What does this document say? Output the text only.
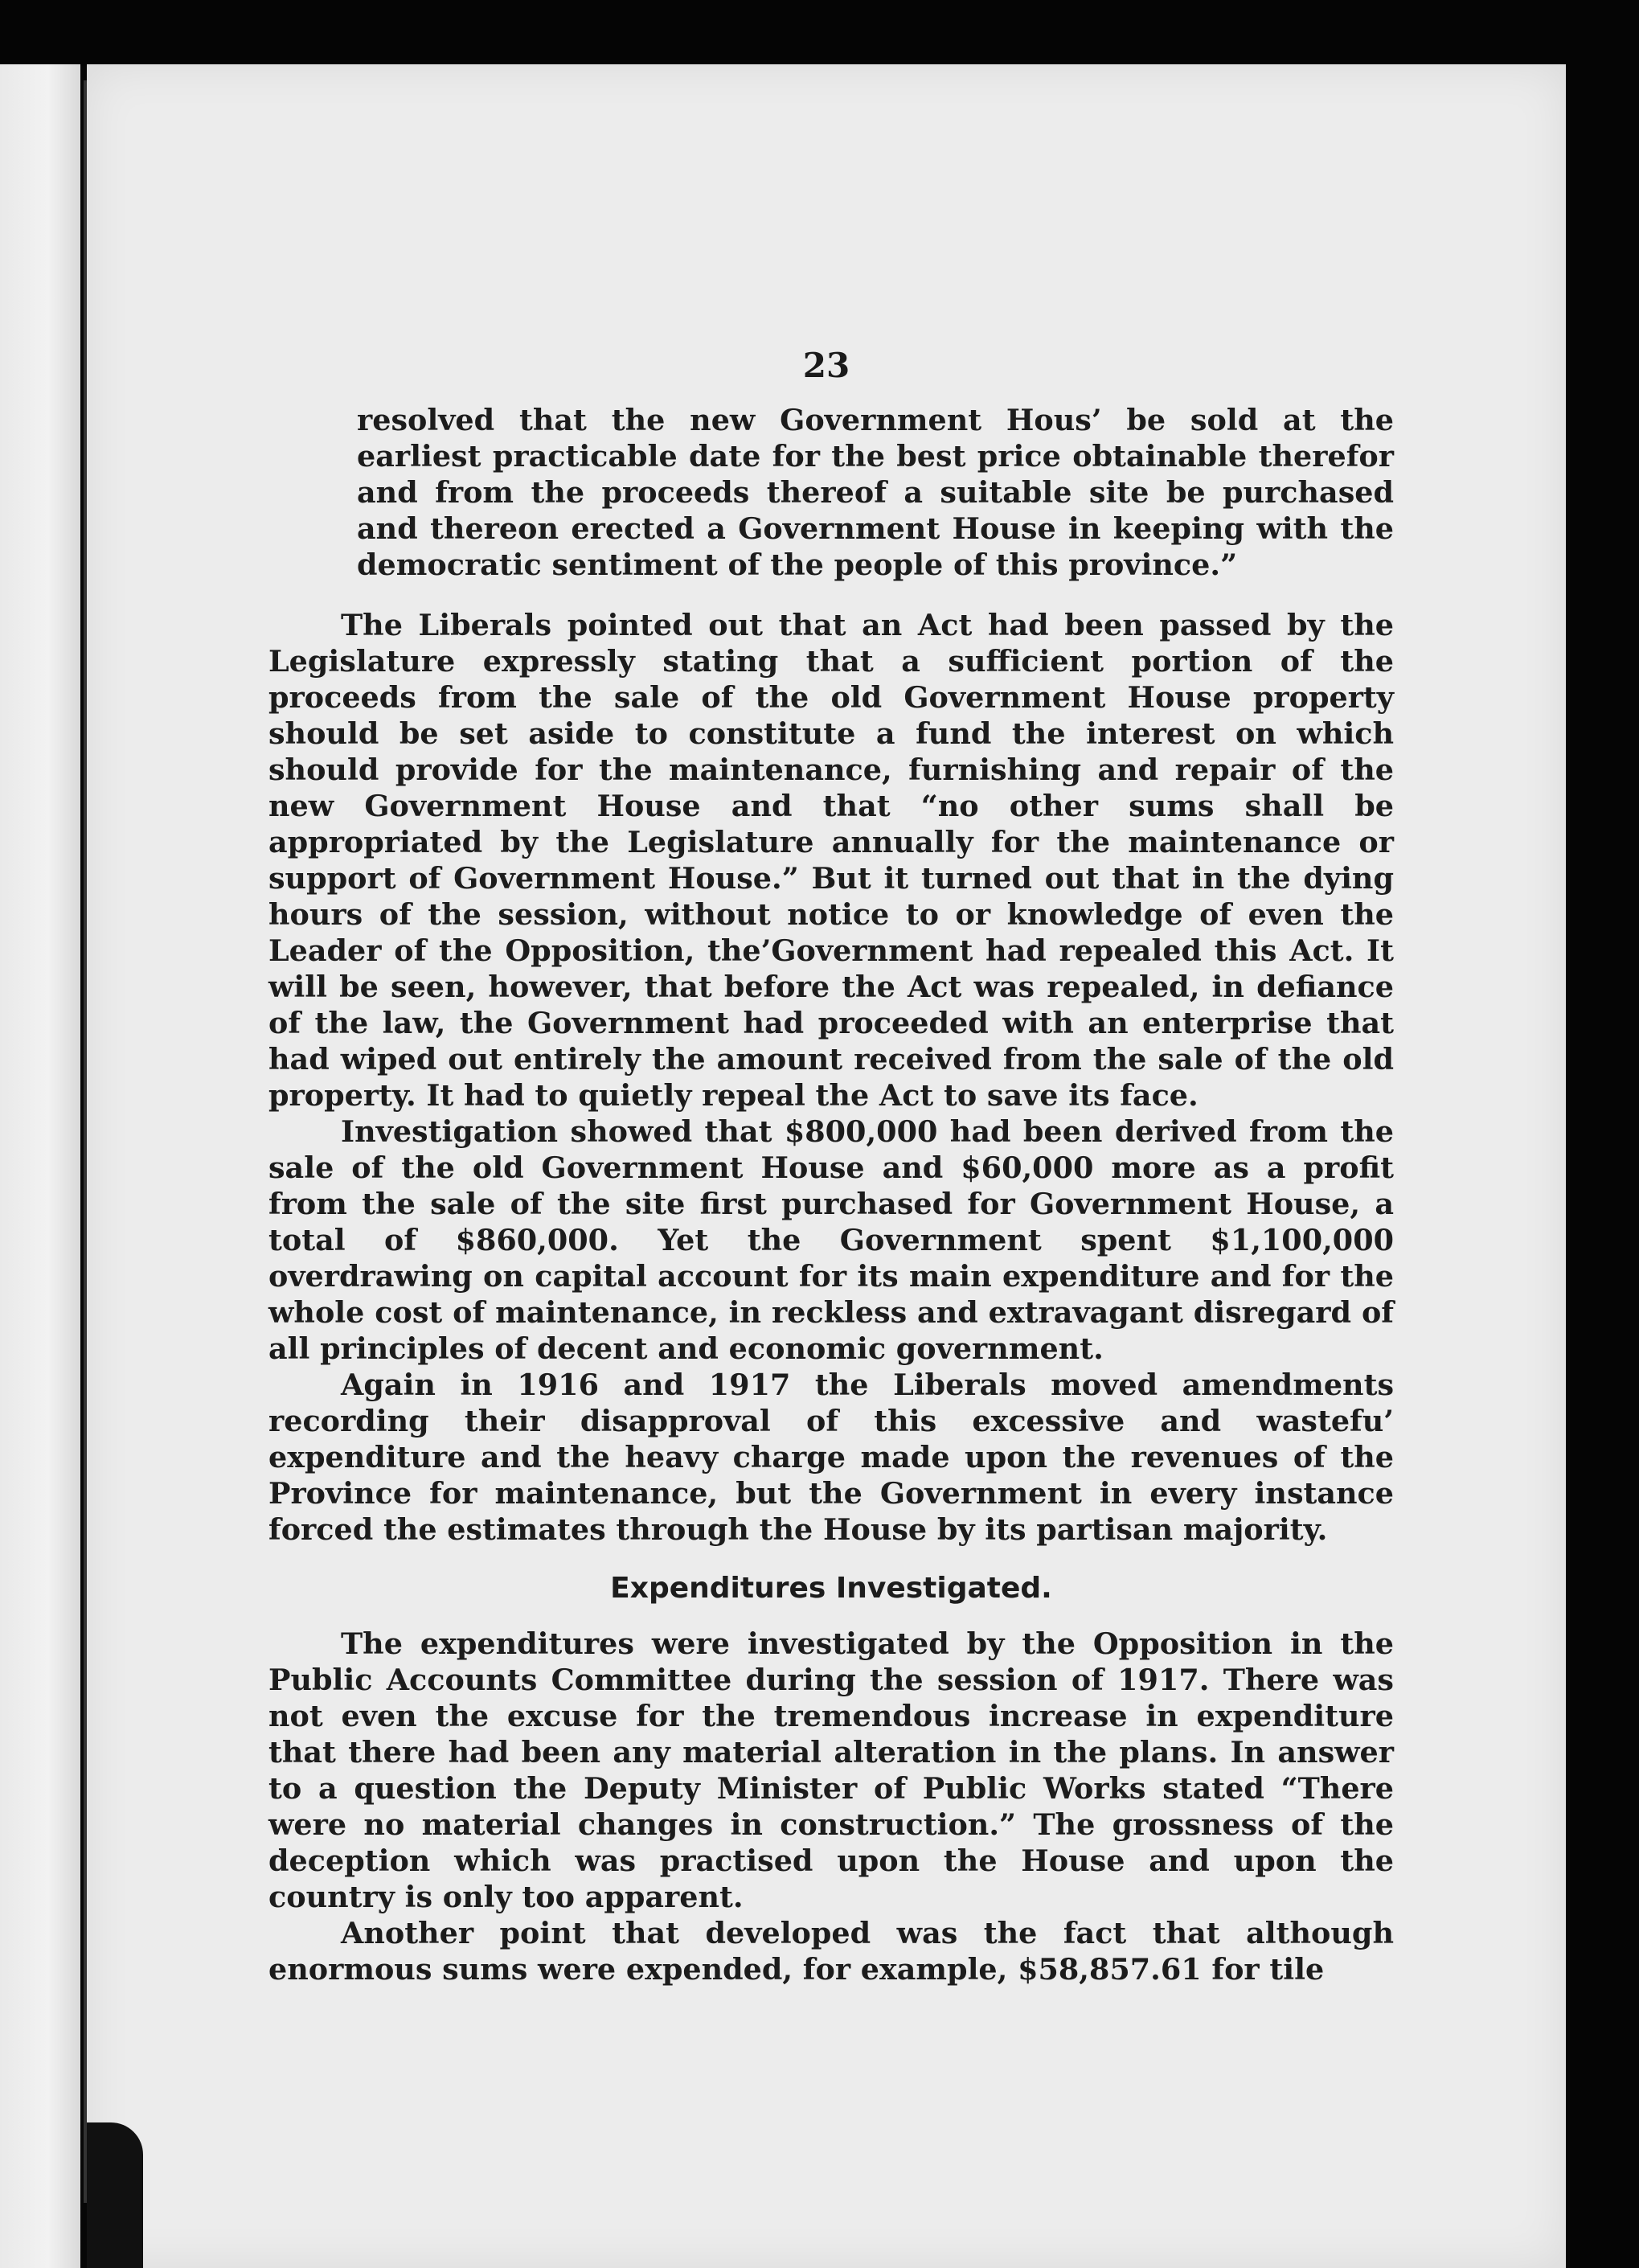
23

resolved that the new Government Hous’ be sold at the earliest practicable date for the best price obtainable therefor and from the proceeds thereof a suitable site be purchased and thereon erected a Government House in keeping with the democratic sentiment of the people of this province.”

The Liberals pointed out that an Act had been passed by the Legislature expressly stating that a sufficient portion of the proceeds from the sale of the old Government House property should be set aside to constitute a fund the interest on which should provide for the maintenance, furnishing and repair of the new Government House and that “no other sums shall be appropriated by the Legislature annually for the maintenance or support of Government House.” But it turned out that in the dying hours of the session, without notice to or knowledge of even the Leader of the Opposition, the’Government had repealed this Act. It will be seen, however, that before the Act was repealed, in defiance of the law, the Government had proceeded with an enterprise that had wiped out entirely the amount received from the sale of the old property. It had to quietly repeal the Act to save its face.

Investigation showed that $800,000 had been derived from the sale of the old Government House and $60,000 more as a profit from the sale of the site first purchased for Government House, a total of $860,000. Yet the Government spent $1,100,000 overdrawing on capital account for its main expenditure and for the whole cost of maintenance, in reckless and extravagant disregard of all principles of decent and economic government.

Again in 1916 and 1917 the Liberals moved amendments recording their disapproval of this excessive and wastefu’ expenditure and the heavy charge made upon the revenues of the Province for maintenance, but the Government in every instance forced the estimates through the House by its partisan majority.

Expenditures Investigated.

The expenditures were investigated by the Opposition in the Public Accounts Committee during the session of 1917. There was not even the excuse for the tremendous increase in expenditure that there had been any material alteration in the plans. In answer to a question the Deputy Minister of Public Works stated “There were no material changes in construction.” The grossness of the deception which was practised upon the House and upon the country is only too apparent.

Another point that developed was the fact that although enormous sums were expended, for example, $58,857.61 for tile
